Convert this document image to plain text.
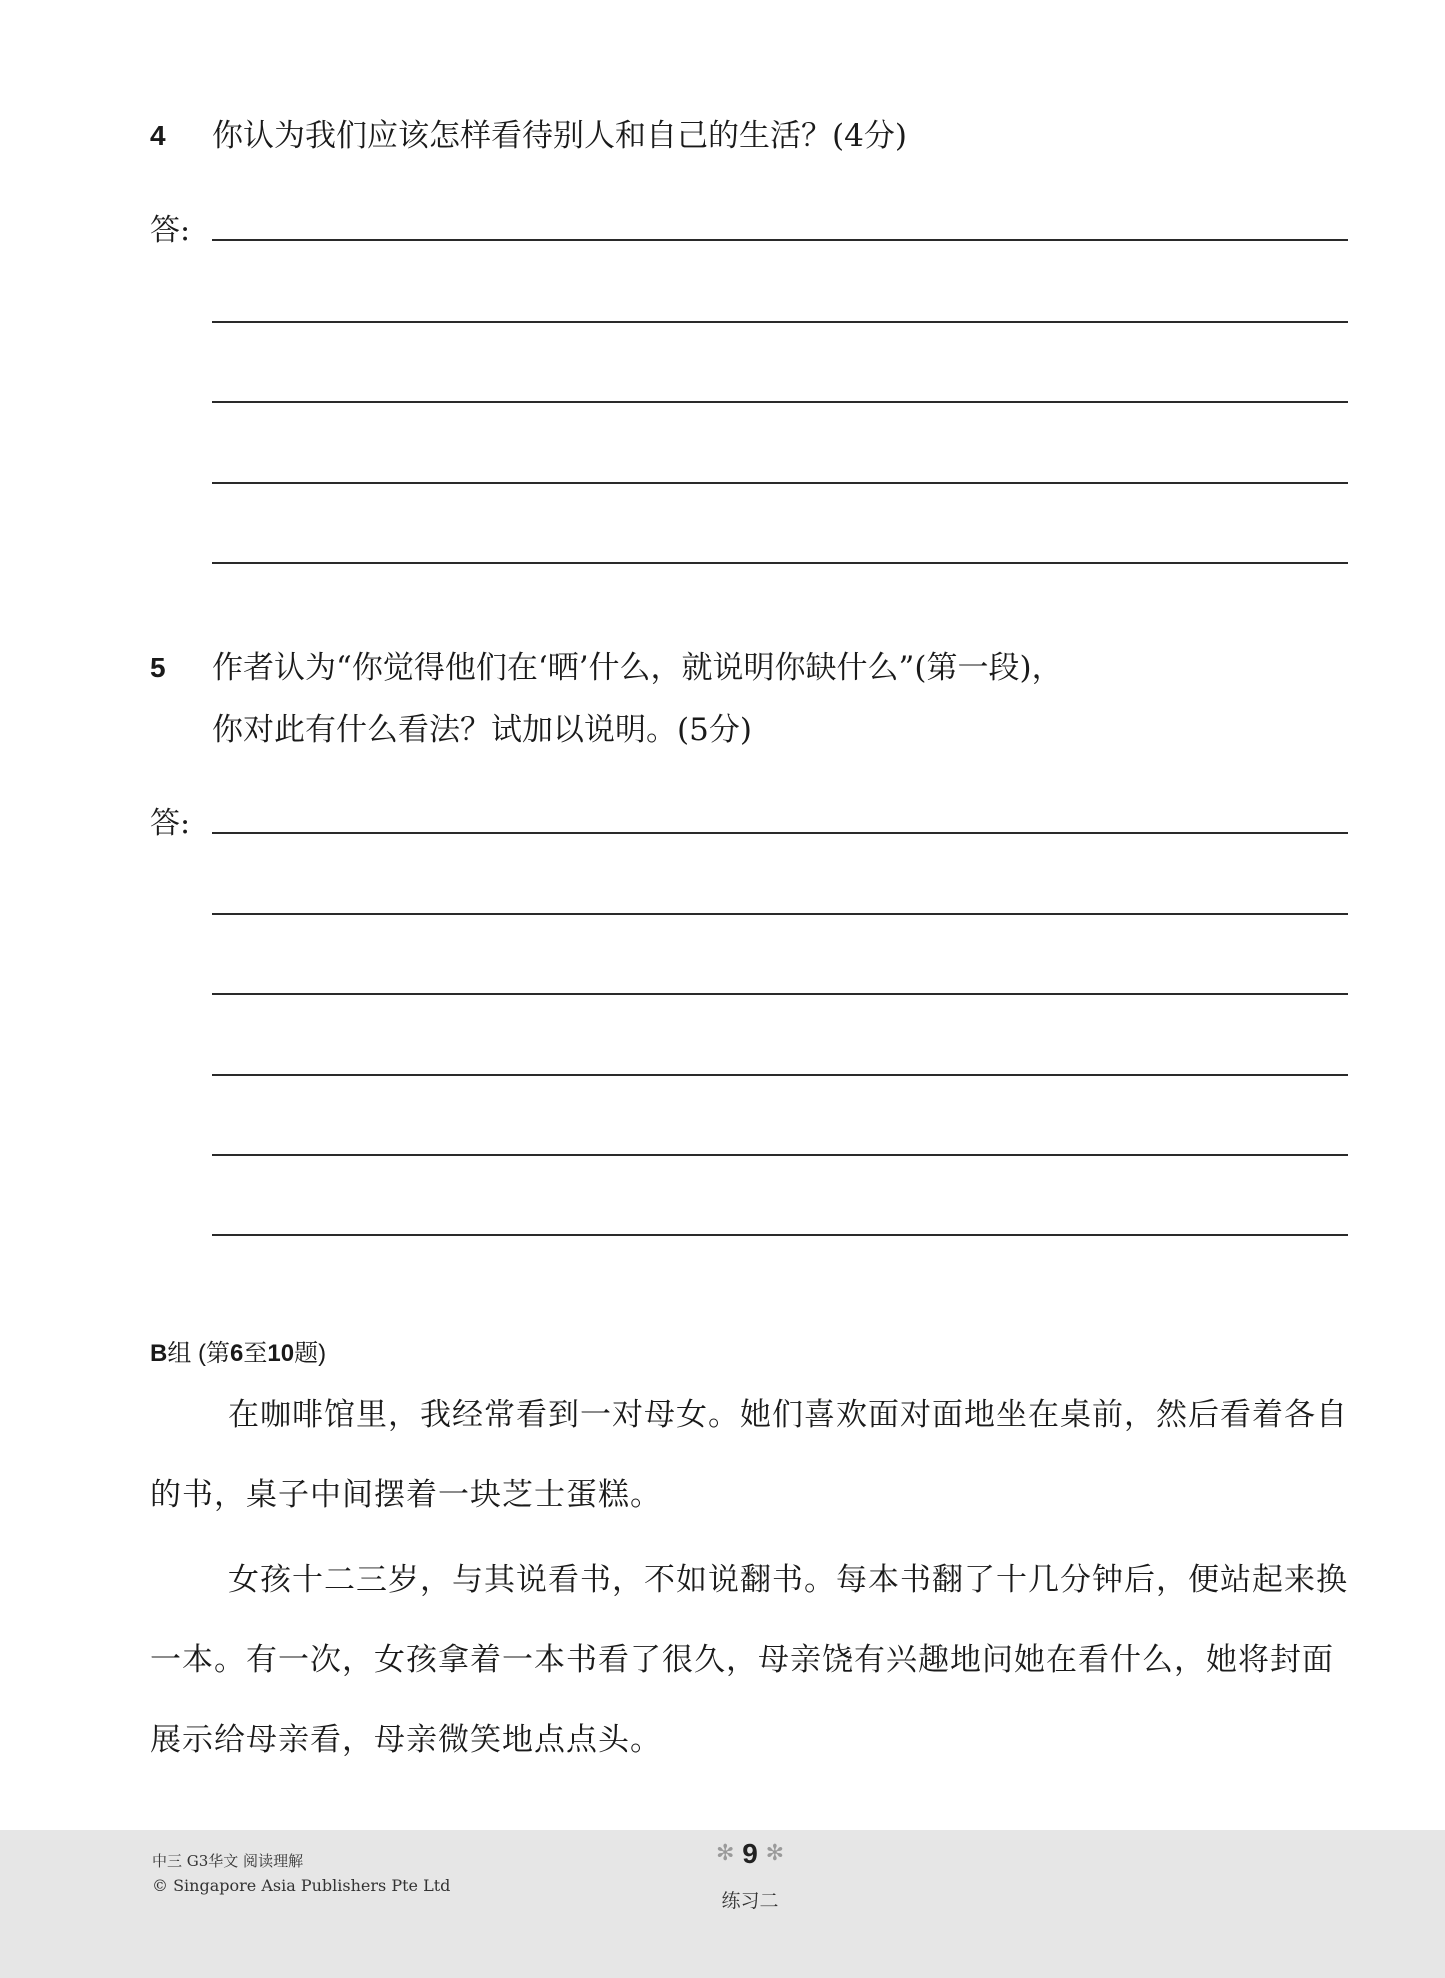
4 你认为我们应该怎样看待别人和自己的生活？(4分)
答:
5 作者认为“你觉得他们在‘晒’什么，就说明你缺什么”(第一段)，
你对此有什么看法？试加以说明。(5分)
答:
B组 (第6至10题)

在咖啡馆里，我经常看到一对母女。她们喜欢面对面地坐在桌前，然后看着各自的书，桌子中间摆着一块芝士蛋糕。

女孩十二三岁，与其说看书，不如说翻书。每本书翻了十几分钟后，便站起来换一本。有一次，女孩拿着一本书看了很久，母亲饶有兴趣地问她在看什么，她将封面展示给母亲看，母亲微笑地点点头。

中三 G3华文 阅读理解
© Singapore Asia Publishers Pte Ltd
✻ 9 ✻
练习二
